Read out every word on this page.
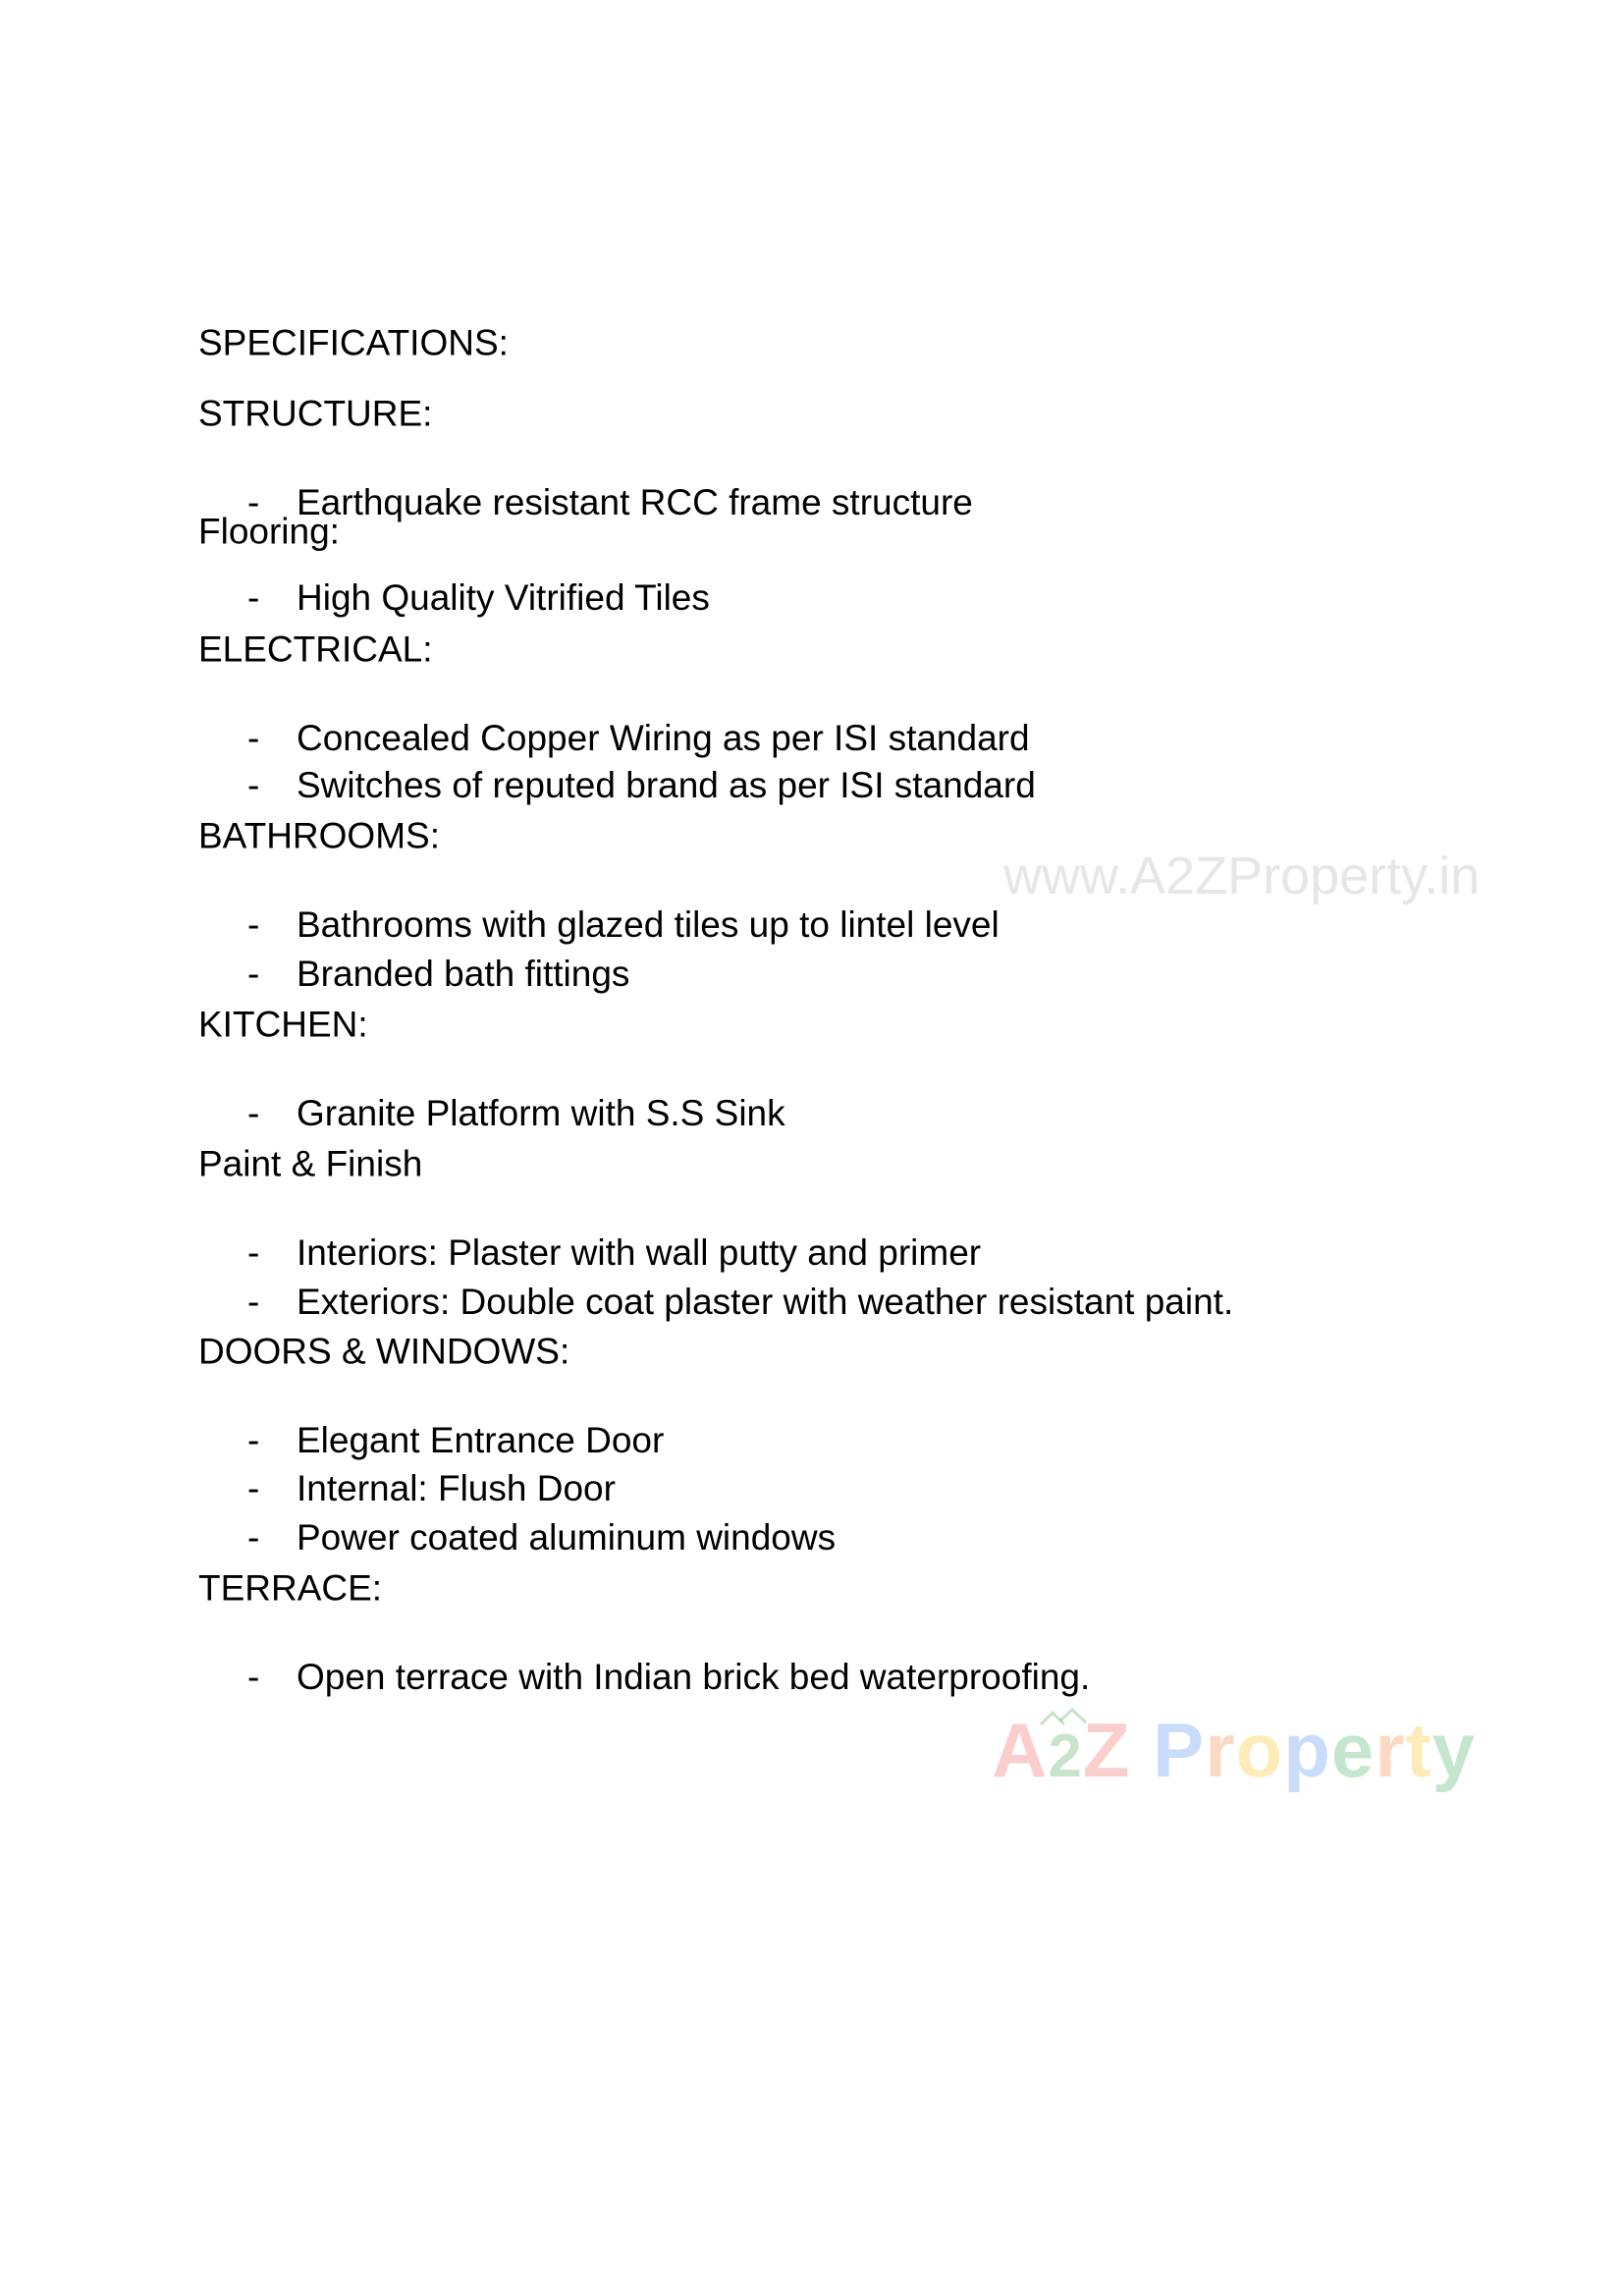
SPECIFICATIONS:
STRUCTURE:
- Earthquake resistant RCC frame structure
Flooring:
- High Quality Vitrified Tiles
ELECTRICAL:
- Concealed Copper Wiring as per ISI standard
- Switches of reputed brand as per ISI standard
BATHROOMS:
www.A2ZProperty.in
- Bathrooms with glazed tiles up to lintel level
- Branded bath fittings
KITCHEN:
- Granite Platform with S.S Sink
Paint & Finish
- Interiors: Plaster with wall putty and primer
- Exteriors: Double coat plaster with weather resistant paint.
DOORS & WINDOWS:
- Elegant Entrance Door
- Internal: Flush Door
- Power coated aluminum windows
TERRACE:
- Open terrace with Indian brick bed waterproofing.
A2Z Property
